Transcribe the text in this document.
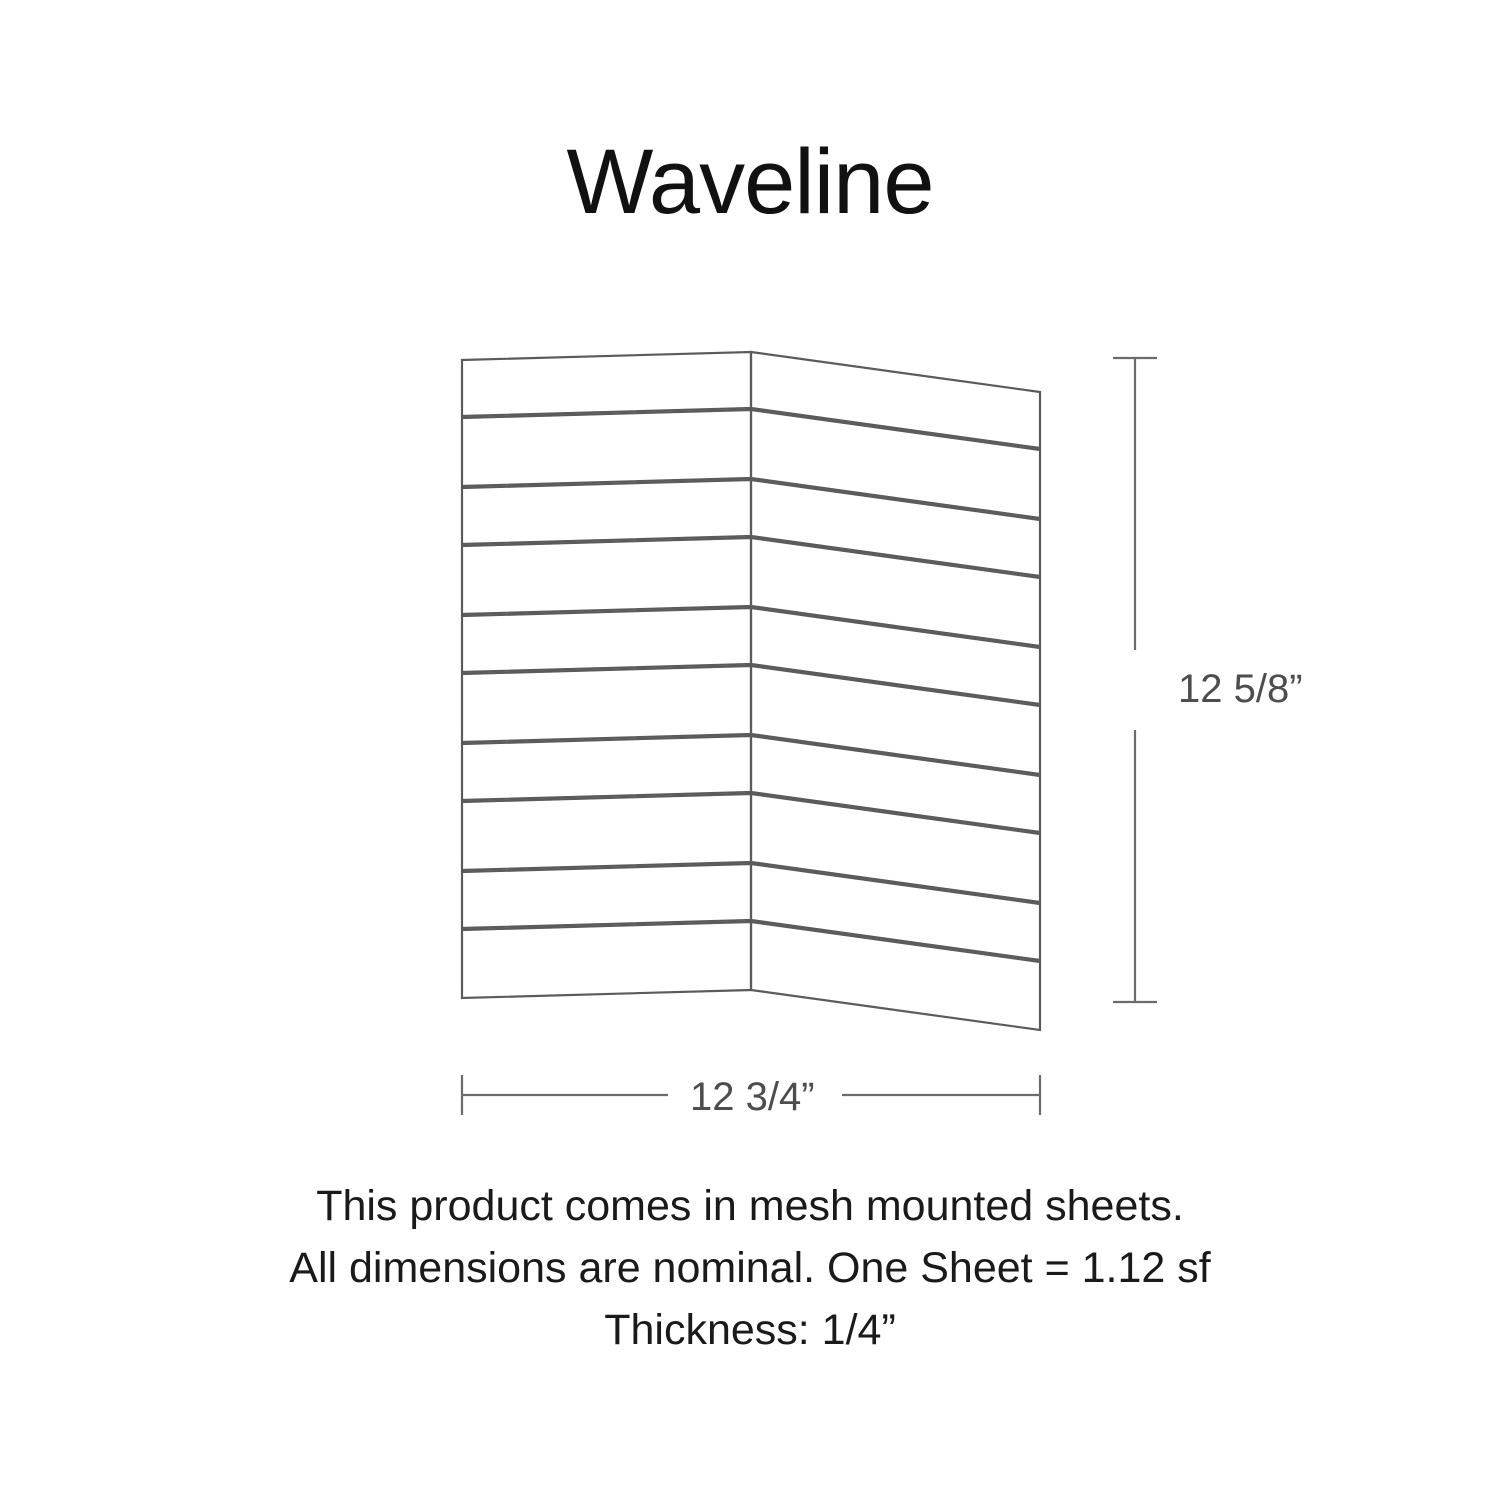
Waveline
12 5/8”
12 3/4”
This product comes in mesh mounted sheets.
All dimensions are nominal. One Sheet = 1.12 sf
Thickness: 1/4”
